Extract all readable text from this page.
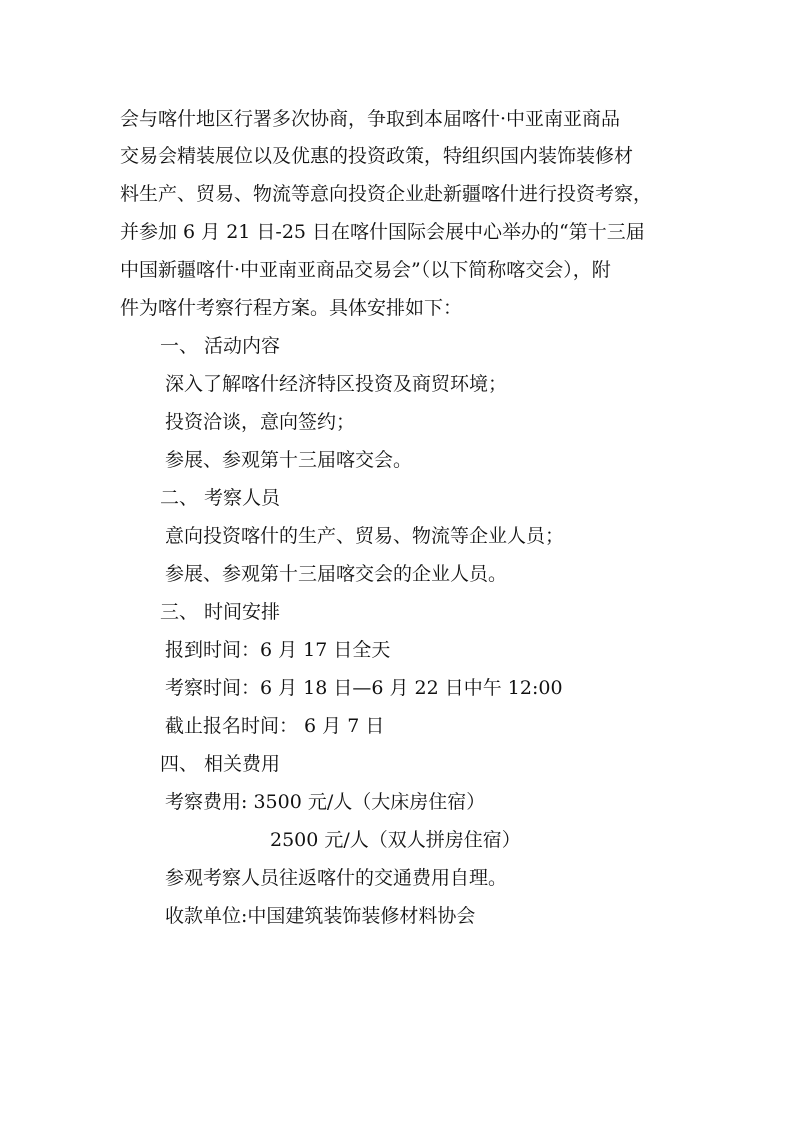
会与喀什地区行署多次协商，争取到本届喀什·中亚南亚商品
交易会精装展位以及优惠的投资政策，特组织国内装饰装修材
料生产、贸易、物流等意向投资企业赴新疆喀什进行投资考察，
并参加 6 月 21 日-25 日在喀什国际会展中心举办的“第十三届
中国新疆喀什·中亚南亚商品交易会”（以下简称喀交会），附
件为喀什考察行程方案。具体安排如下：
一、 活动内容
深入了解喀什经济特区投资及商贸环境；
投资洽谈，意向签约；
参展、参观第十三届喀交会。
二、 考察人员
意向投资喀什的生产、贸易、物流等企业人员；
参展、参观第十三届喀交会的企业人员。
三、 时间安排
报到时间：6 月 17 日全天
考察时间：6 月 18 日—6 月 22 日中午 12:00
截止报名时间： 6 月 7 日
四、 相关费用
考察费用: 3500 元/人（大床房住宿）
2500 元/人（双人拼房住宿）
参观考察人员往返喀什的交通费用自理。
收款单位:中国建筑装饰装修材料协会
